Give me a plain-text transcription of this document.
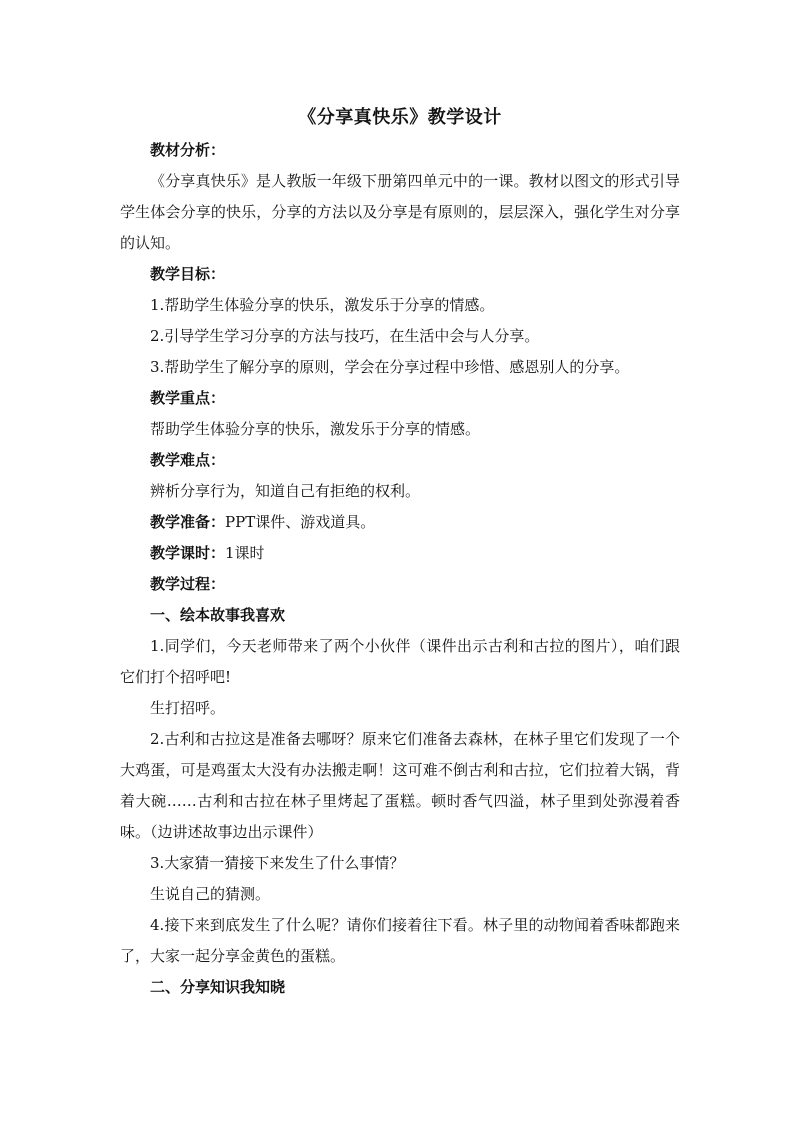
《分享真快乐》教学设计

教材分析：

《分享真快乐》是人教版一年级下册第四单元中的一课。教材以图文的形式引导学生体会分享的快乐，分享的方法以及分享是有原则的，层层深入，强化学生对分享的认知。

教学目标：

1.帮助学生体验分享的快乐，激发乐于分享的情感。

2.引导学生学习分享的方法与技巧，在生活中会与人分享。

3.帮助学生了解分享的原则，学会在分享过程中珍惜、感恩别人的分享。

教学重点：

帮助学生体验分享的快乐，激发乐于分享的情感。

教学难点：

辨析分享行为，知道自己有拒绝的权利。

教学准备：PPT课件、游戏道具。

教学课时：1课时

教学过程：

一、绘本故事我喜欢

1.同学们，今天老师带来了两个小伙伴（课件出示古利和古拉的图片），咱们跟它们打个招呼吧!

生打招呼。

2.古利和古拉这是准备去哪呀？原来它们准备去森林，在林子里它们发现了一个大鸡蛋，可是鸡蛋太大没有办法搬走啊！这可难不倒古利和古拉，它们拉着大锅，背着大碗……古利和古拉在林子里烤起了蛋糕。顿时香气四溢，林子里到处弥漫着香味。（边讲述故事边出示课件）

3.大家猜一猜接下来发生了什么事情？

生说自己的猜测。

4.接下来到底发生了什么呢？请你们接着往下看。林子里的动物闻着香味都跑来了，大家一起分享金黄色的蛋糕。

二、分享知识我知晓
